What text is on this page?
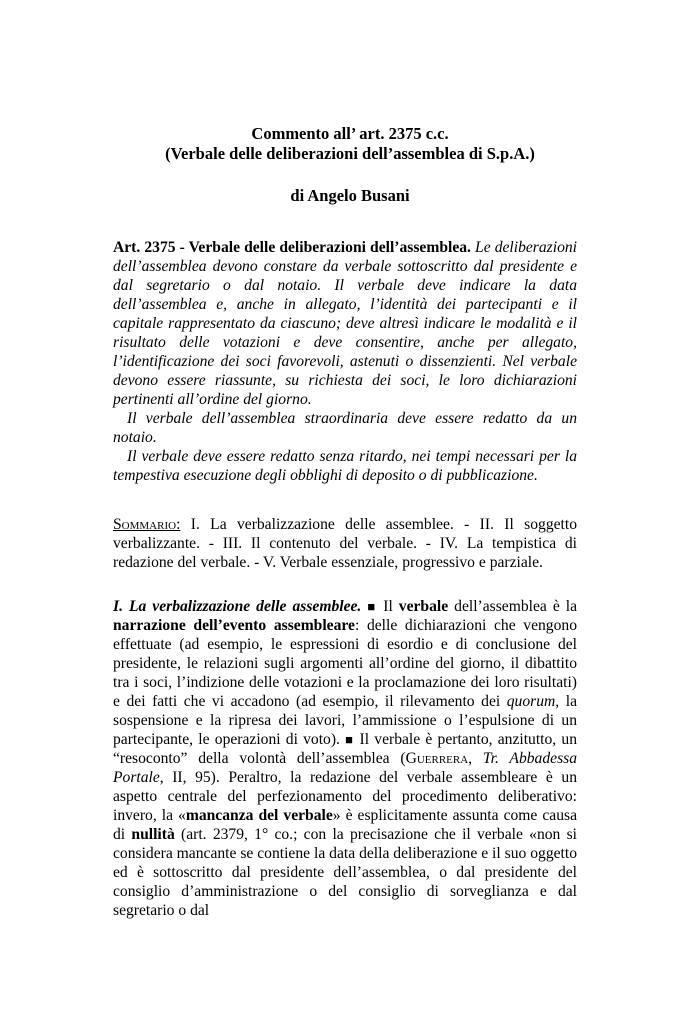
Commento all’ art. 2375 c.c.
(Verbale delle deliberazioni dell’assemblea di S.p.A.)
di Angelo Busani

Art. 2375 - Verbale delle deliberazioni dell’assemblea. Le deliberazioni dell’assemblea devono constare da verbale sottoscritto dal presidente e dal segretario o dal notaio. Il verbale deve indicare la data dell’assemblea e, anche in allegato, l’identità dei partecipanti e il capitale rappresentato da ciascuno; deve altresì indicare le modalità e il risultato delle votazioni e deve consentire, anche per allegato, l’identificazione dei soci favorevoli, astenuti o dissenzienti. Nel verbale devono essere riassunte, su richiesta dei soci, le loro dichiarazioni pertinenti all’ordine del giorno.

Il verbale dell’assemblea straordinaria deve essere redatto da un notaio.

Il verbale deve essere redatto senza ritardo, nei tempi necessari per la tempestiva esecuzione degli obblighi di deposito o di pubblicazione.

Sommario: I. La verbalizzazione delle assemblee. - II. Il soggetto verbalizzante. - III. Il contenuto del verbale. - IV. La tempistica di redazione del verbale. - V. Verbale essenziale, progressivo e parziale.

I. La verbalizzazione delle assemblee. ■ Il verbale dell’assemblea è la narrazione dell’evento assembleare: delle dichiarazioni che vengono effettuate (ad esempio, le espressioni di esordio e di conclusione del presidente, le relazioni sugli argomenti all’ordine del giorno, il dibattito tra i soci, l’indizione delle votazioni e la proclamazione dei loro risultati) e dei fatti che vi accadono (ad esempio, il rilevamento dei quorum, la sospensione e la ripresa dei lavori, l’ammissione o l’espulsione di un partecipante, le operazioni di voto). ■ Il verbale è pertanto, anzitutto, un “resoconto” della volontà dell’assemblea (Guerrera, Tr. Abbadessa Portale, II, 95). Peraltro, la redazione del verbale assembleare è un aspetto centrale del perfezionamento del procedimento deliberativo: invero, la «mancanza del verbale» è esplicitamente assunta come causa di nullità (art. 2379, 1° co.; con la precisazione che il verbale «non si considera mancante se contiene la data della deliberazione e il suo oggetto ed è sottoscritto dal presidente dell’assemblea, o dal presidente del consiglio d’amministrazione o del consiglio di sorveglianza e dal segretario o dal
